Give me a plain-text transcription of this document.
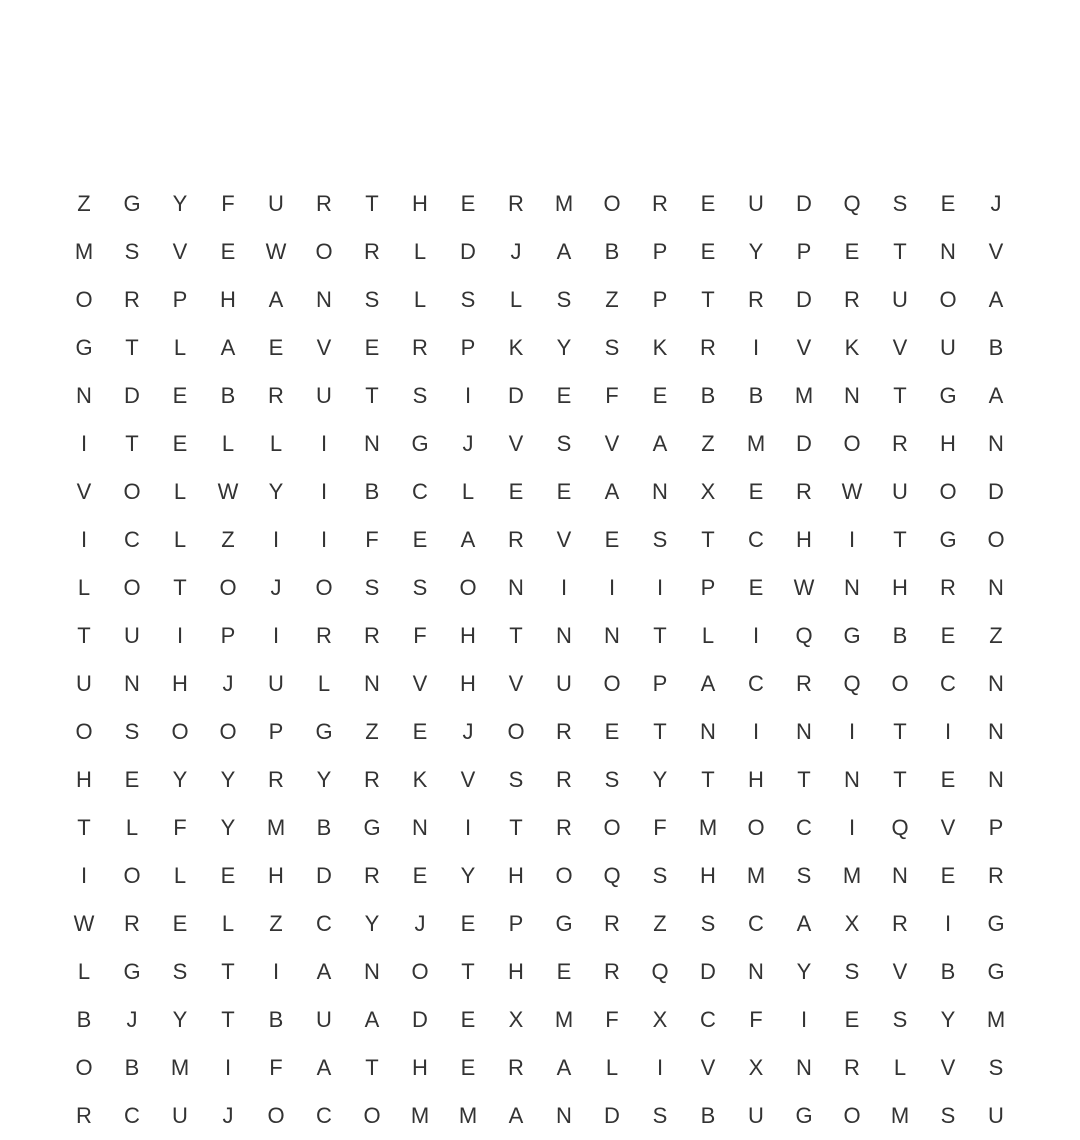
Z	G	Y	F	U	R	T	H	E	R	M	O	R	E	U	D	Q	S	E	J
M	S	V	E	W	O	R	L	D	J	A	B	P	E	Y	P	E	T	N	V
O	R	P	H	A	N	S	L	S	L	S	Z	P	T	R	D	R	U	O	A
G	T	L	A	E	V	E	R	P	K	Y	S	K	R	I	V	K	V	U	B
N	D	E	B	R	U	T	S	I	D	E	F	E	B	B	M	N	T	G	A
I	T	E	L	L	I	N	G	J	V	S	V	A	Z	M	D	O	R	H	N
V	O	L	W	Y	I	B	C	L	E	E	A	N	X	E	R	W	U	O	D
I	C	L	Z	I	I	F	E	A	R	V	E	S	T	C	H	I	T	G	O
L	O	T	O	J	O	S	S	O	N	I	I	I	P	E	W	N	H	R	N
T	U	I	P	I	R	R	F	H	T	N	N	T	L	I	Q	G	B	E	Z
U	N	H	J	U	L	N	V	H	V	U	O	P	A	C	R	Q	O	C	N
O	S	O	O	P	G	Z	E	J	O	R	E	T	N	I	N	I	T	I	N
H	E	Y	Y	R	Y	R	K	V	S	R	S	Y	T	H	T	N	T	E	N
T	L	F	Y	M	B	G	N	I	T	R	O	F	M	O	C	I	Q	V	P
I	O	L	E	H	D	R	E	Y	H	O	Q	S	H	M	S	M	N	E	R
W	R	E	L	Z	C	Y	J	E	P	G	R	Z	S	C	A	X	R	I	G
L	G	S	T	I	A	N	O	T	H	E	R	Q	D	N	Y	S	V	B	G
B	J	Y	T	B	U	A	D	E	X	M	F	X	C	F	I	E	S	Y	M
O	B	M	I	F	A	T	H	E	R	A	L	I	V	X	N	R	L	V	S
R	C	U	J	O	C	O	M	M	A	N	D	S	B	U	G	O	M	S	U
